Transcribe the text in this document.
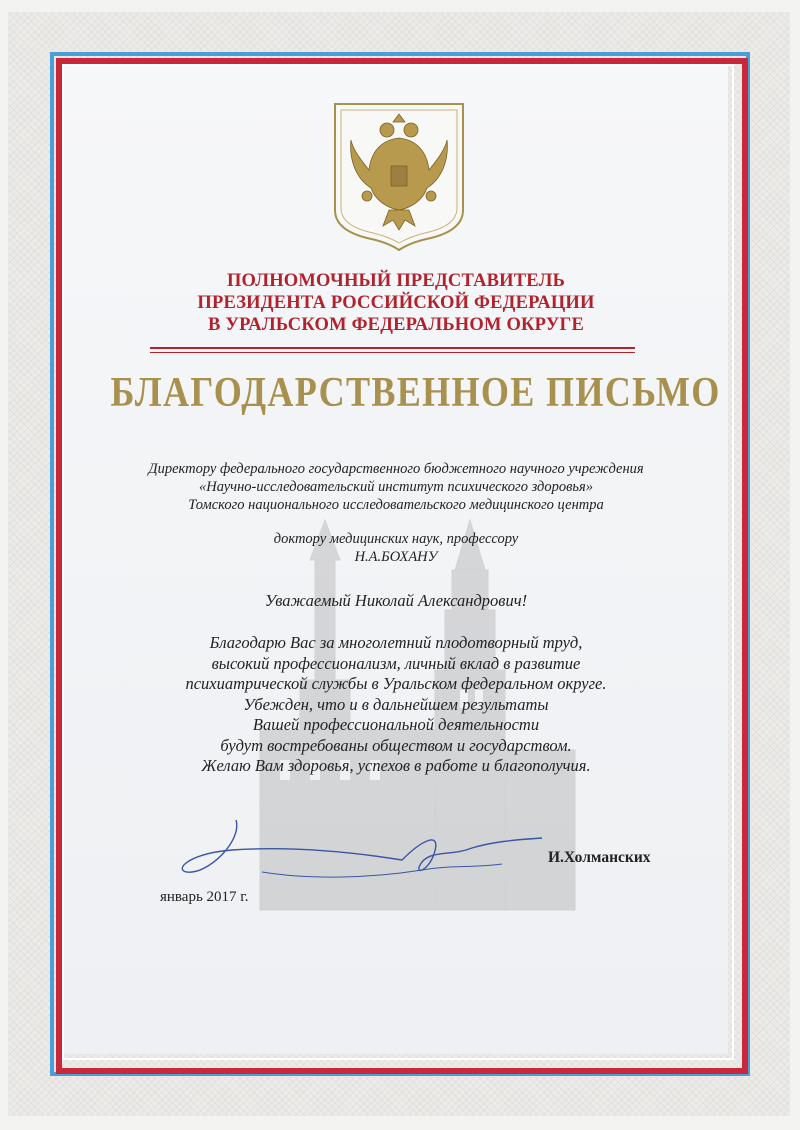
ПОЛНОМОЧНЫЙ ПРЕДСТАВИТЕЛЬ
ПРЕЗИДЕНТА РОССИЙСКОЙ ФЕДЕРАЦИИ
В УРАЛЬСКОМ ФЕДЕРАЛЬНОМ ОКРУГЕ
БЛАГОДАРСТВЕННОЕ ПИСЬМО
Директору федерального государственного бюджетного научного учреждения
«Научно-исследовательский институт психического здоровья»
Томского национального исследовательского медицинского центра
доктору медицинских наук, профессору
Н.А.БОХАНУ
Уважаемый Николай Александрович!
Благодарю Вас за многолетний плодотворный труд,
высокий профессионализм, личный вклад в развитие
психиатрической службы в Уральском федеральном округе.
Убежден, что и в дальнейшем результаты
Вашей профессиональной деятельности
будут востребованы обществом и государством.
Желаю Вам здоровья, успехов в работе и благополучия.
И.Холманских
январь 2017 г.
